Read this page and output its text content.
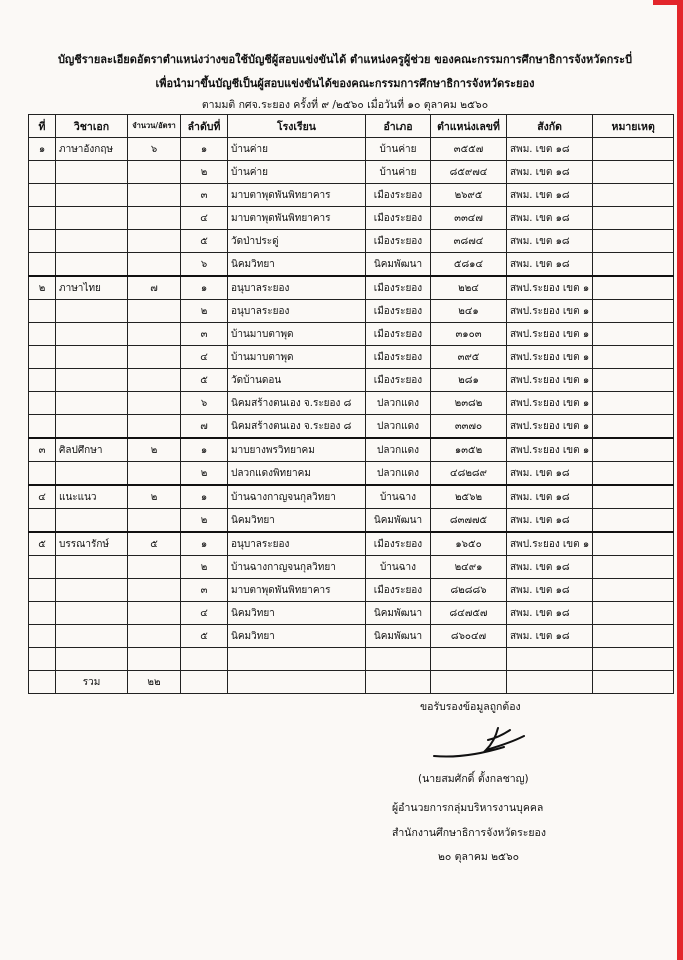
บัญชีรายละเอียดอัตราตำแหน่งว่างขอใช้บัญชีผู้สอบแข่งขันได้ ตำแหน่งครูผู้ช่วย ของคณะกรรมการศึกษาธิการจังหวัดกระบี่
เพื่อนำมาขึ้นบัญชีเป็นผู้สอบแข่งขันได้ของคณะกรรมการศึกษาธิการจังหวัดระยอง
ตามมติ กศจ.ระยอง ครั้งที่ ๙ /๒๕๖๐ เมื่อวันที่ ๑๐ ตุลาคม ๒๕๖๐
ที่	วิชาเอก	จำนวน/อัตรา	ลำดับที่	โรงเรียน	อำเภอ	ตำแหน่งเลขที่	สังกัด	หมายเหตุ
๑	ภาษาอังกฤษ	๖	๑	บ้านค่าย	บ้านค่าย	๓๕๕๗	สพม. เขต ๑๘	
			๒	บ้านค่าย	บ้านค่าย	๘๕๙๗๔	สพม. เขต ๑๘	
			๓	มาบตาพุดพันพิทยาคาร	เมืองระยอง	๒๖๙๕	สพม. เขต ๑๘	
			๔	มาบตาพุดพันพิทยาคาร	เมืองระยอง	๓๓๔๗	สพม. เขต ๑๘	
			๕	วัดป่าประดู่	เมืองระยอง	๓๘๗๔	สพม. เขต ๑๘	
			๖	นิคมวิทยา	นิคมพัฒนา	๕๘๑๔	สพม. เขต ๑๘	
๒	ภาษาไทย	๗	๑	อนุบาลระยอง	เมืองระยอง	๒๒๔	สพป.ระยอง เขต ๑	
			๒	อนุบาลระยอง	เมืองระยอง	๒๔๑	สพป.ระยอง เขต ๑	
			๓	บ้านมาบตาพุด	เมืองระยอง	๓๑๐๓	สพป.ระยอง เขต ๑	
			๔	บ้านมาบตาพุด	เมืองระยอง	๓๙๕	สพป.ระยอง เขต ๑	
			๕	วัดบ้านดอน	เมืองระยอง	๒๘๑	สพป.ระยอง เขต ๑	
			๖	นิคมสร้างตนเอง จ.ระยอง ๘	ปลวกแดง	๒๓๘๒	สพป.ระยอง เขต ๑	
			๗	นิคมสร้างตนเอง จ.ระยอง ๘	ปลวกแดง	๓๓๗๐	สพป.ระยอง เขต ๑	
๓	ศิลปศึกษา	๒	๑	มาบยางพรวิทยาคม	ปลวกแดง	๑๓๕๒	สพป.ระยอง เขต ๑	
			๒	ปลวกแดงพิทยาคม	ปลวกแดง	๔๘๒๘๙	สพม. เขต ๑๘	
๔	แนะแนว	๒	๑	บ้านฉางกาญจนกุลวิทยา	บ้านฉาง	๒๕๖๒	สพม. เขต ๑๘	
			๒	นิคมวิทยา	นิคมพัฒนา	๘๓๗๗๕	สพม. เขต ๑๘	
๕	บรรณารักษ์	๕	๑	อนุบาลระยอง	เมืองระยอง	๑๖๕๐	สพป.ระยอง เขต ๑	
			๒	บ้านฉางกาญจนกุลวิทยา	บ้านฉาง	๒๔๙๑	สพม. เขต ๑๘	
			๓	มาบตาพุดพันพิทยาคาร	เมืองระยอง	๘๒๘๘๖	สพม. เขต ๑๘	
			๔	นิคมวิทยา	นิคมพัฒนา	๘๔๗๕๗	สพม. เขต ๑๘	
			๕	นิคมวิทยา	นิคมพัฒนา	๘๖๐๔๗	สพม. เขต ๑๘	

	รวม	๒๒						
ขอรับรองข้อมูลถูกต้อง
(นายสมศักดิ์ ตั้งกลชาญ)
ผู้อำนวยการกลุ่มบริหารงานบุคคล
สำนักงานศึกษาธิการจังหวัดระยอง
๒๐ ตุลาคม ๒๕๖๐
